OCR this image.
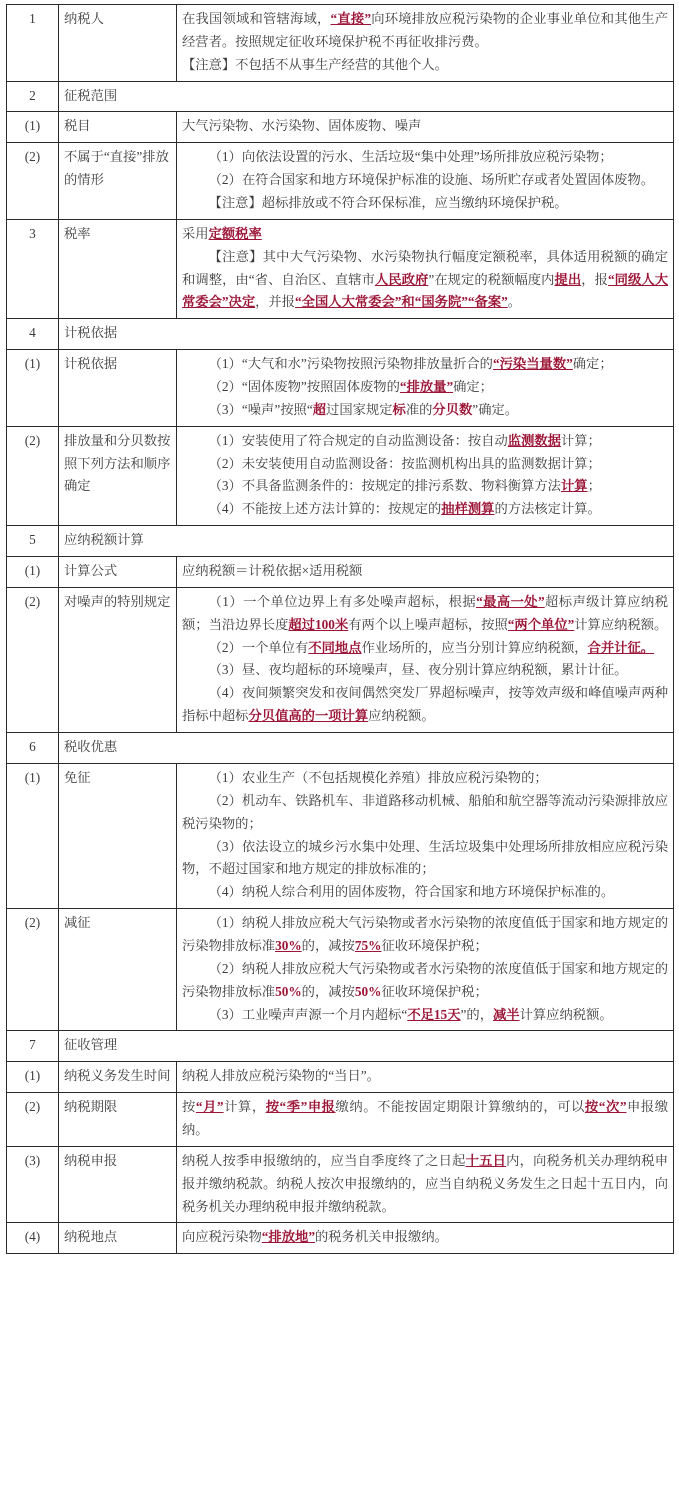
1	纳税人	在我国领域和管辖海域，“直接”向环境排放应税污染物的企业事业单位和其他生产经营者。按照规定征收环境保护税不再征收排污费。
【注意】不包括不从事生产经营的其他个人。

2	征税范围	
(1)	税目	大气污染物、水污染物、固体废物、噪声

(2)	不属于“直接”排放的情形	（1）向依法设置的污水、生活垃圾“集中处理”场所排放应税污染物；
（2）在符合国家和地方环境保护标准的设施、场所贮存或者处置固体废物。
【注意】超标排放或不符合环保标准，应当缴纳环境保护税。

3	税率	采用定额税率
【注意】其中大气污染物、水污染物执行幅度定额税率，具体适用税额的确定和调整，由“省、自治区、直辖市人民政府”在规定的税额幅度内提出，报“同级人大常委会”决定，并报“全国人大常委会”和“国务院”“备案”。

4	计税依据	
(1)	计税依据	（1）“大气和水”污染物按照污染物排放量折合的“污染当量数”确定；
（2）“固体废物”按照固体废物的“排放量”确定；
（3）“噪声”按照“超过国家规定标准的分贝数”确定。

(2)	排放量和分贝数按照下列方法和顺序确定	（1）安装使用了符合规定的自动监测设备：按自动监测数据计算；
（2）未安装使用自动监测设备：按监测机构出具的监测数据计算；
（3）不具备监测条件的：按规定的排污系数、物料衡算方法计算；
（4）不能按上述方法计算的：按规定的抽样测算的方法核定计算。

5	应纳税额计算	
(1)	计算公式	应纳税额＝计税依据×适用税额

(2)	对噪声的特别规定	（1）一个单位边界上有多处噪声超标，根据“最高一处”超标声级计算应纳税额；当沿边界长度超过100米有两个以上噪声超标，按照“两个单位”计算应纳税额。
（2）一个单位有不同地点作业场所的，应当分别计算应纳税额，合并计征。
（3）昼、夜均超标的环境噪声，昼、夜分别计算应纳税额，累计计征。
（4）夜间频繁突发和夜间偶然突发厂界超标噪声，按等效声级和峰值噪声两种指标中超标分贝值高的一项计算应纳税额。

6	税收优惠	
(1)	免征	（1）农业生产（不包括规模化养殖）排放应税污染物的；
（2）机动车、铁路机车、非道路移动机械、船舶和航空器等流动污染源排放应税污染物的；
（3）依法设立的城乡污水集中处理、生活垃圾集中处理场所排放相应应税污染物，不超过国家和地方规定的排放标准的；
（4）纳税人综合利用的固体废物，符合国家和地方环境保护标准的。

(2)	减征	（1）纳税人排放应税大气污染物或者水污染物的浓度值低于国家和地方规定的污染物排放标准30%的，减按75%征收环境保护税；
（2）纳税人排放应税大气污染物或者水污染物的浓度值低于国家和地方规定的污染物排放标准50%的，减按50%征收环境保护税；
（3）工业噪声声源一个月内超标“不足15天”的，减半计算应纳税额。

7	征收管理	
(1)	纳税义务发生时间	纳税人排放应税污染物的“当日”。

(2)	纳税期限	按“月”计算，按“季”申报缴纳。不能按固定期限计算缴纳的，可以按“次”申报缴纳。

(3)	纳税申报	纳税人按季申报缴纳的，应当自季度终了之日起十五日内，向税务机关办理纳税申报并缴纳税款。纳税人按次申报缴纳的，应当自纳税义务发生之日起十五日内，向税务机关办理纳税申报并缴纳税款。

(4)	纳税地点	向应税污染物“排放地”的税务机关申报缴纳。
